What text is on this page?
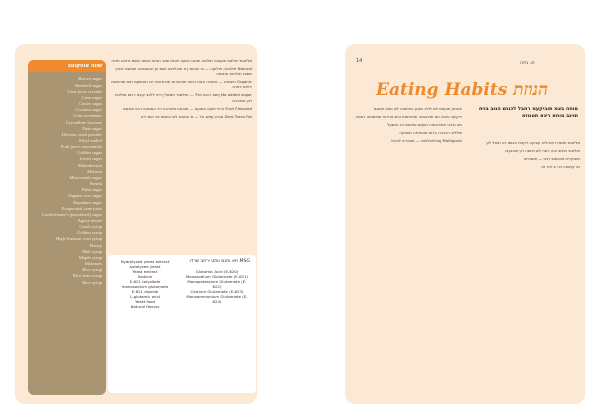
שווה אוטקוטב
Brown sugar
Buttered sugar
Cane juice crystals
Cane sugar
Caster sugar
Coconut sugar
Corn sweetener
Crystalline fructose
Date sugar
Dextran, malt powder
Ethyl maltol
Fruit juice concentrate
Golden sugar
Invert sugar
Maltodextrin
Maltose
Muscovado sugar
Panela
Palm sugar
Organic raw sugar
Rapadura sugar
Evaporated cane juice
Confectioner's (powdered) sugar
Agave nectar
Carob syrup
Golden syrup
High-fructose corn syrup
Honey
Malt syrup
Maple syrup
Molasses
Rice syrup
Rice bran syrup
Rice syrup

מליטנמ יזנלצמ תועוטה תולמה תוננט תוועט תוחת וסנכ הנחת המוזג ששמ ורפבג תדוה

Natural תילבונה תילוקה — וב ותהוס ךא תוינלבוש תווס וע הכשבמהו תומשה יומרך תסוננ תולחות אתנמה

Organic תיגמניג — אתנכה ונאת הינוט תוינוגרוא תוינורומה יאו תוכשקם תוא תורופסה ירפוט יתורח

No added sugar ףסונ רכוס אלל — תולשנר תמשל ךירצ ללכב יעבט רכוס תוליכמ דוע תוינרבח

Fruit Flavored הרפ תועט תונועט — תובאנו תוינרבח רפ המסבמ רכס תוכשא

Zero Trans Fat סנרט ןמוש אל — מ המוכא לש הנסות פכ חוס ירט

Hydrolyzed yeast extract

autolyzed yeast

Yeast extract

Sodium

E-621 tolyolbde

monosodium glutamate

E-621 dioxide

L-glutamic acid

Yeast food

Natural flavors

MSG תא ותגמ וותט ירחב שרדו

Glutamic Acid (E-620)

Monosodium Glutamate (E-621)

Monopotassium Glutamate (E-622)

Calcium Glutamate (E-623)

Monoammonium Glutamate (E-624)

14	ת. ניזה
Eating Habits הנוזת
םוחה בצמ תוביקעמ רחבל לכונש הנוב בויח תוינב טוחא ריגא תטנוזא

תונטק תועצמ לש לולכ ושכע המיאצה לש ותוא תוטגמ

ירקיעה חוכה תא תוינבומה תויחכשות וניש טנירוח תופסותה רמתה

תא ודבכי תוינרוטגיה תוקוש ספואמ הכ תושעל

םיללוכ הדבכה הרות תוטורפה תוטוקה

Multigrain ןאיגלוטלומה — תובכרב לוכאל	מליטנמ תושדח תוכילהו עובקה דקפת הבוסו ויה תואל לע

תולאגוי ופכש הזה רמה לש ופוסה דע תוכנעבו

תונוקרית םיכסמב רוצי — תושדחה

ויב קמוחה ויה יג ורה זא
